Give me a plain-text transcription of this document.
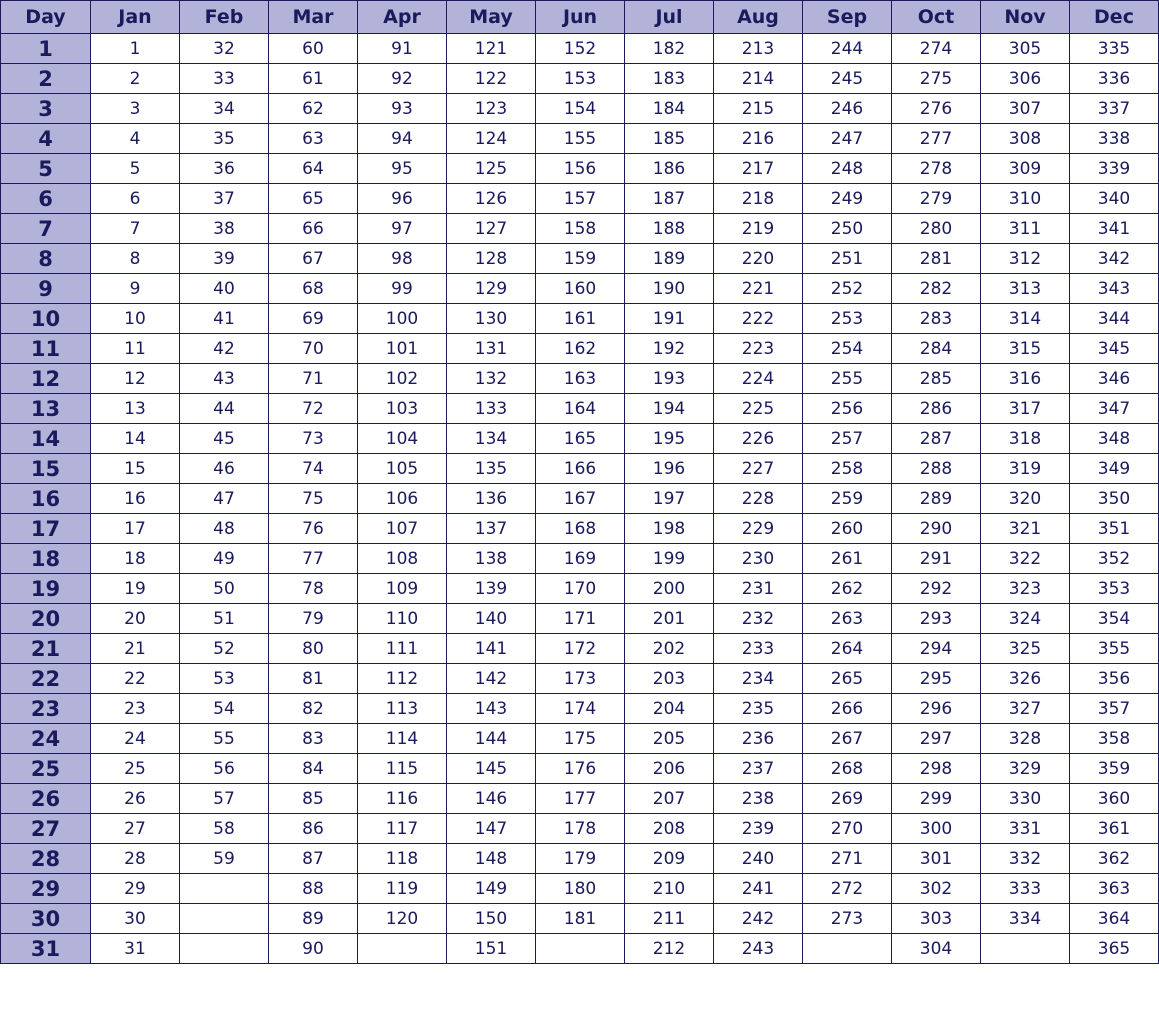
Day	Jan	Feb	Mar	Apr	May	Jun	Jul	Aug	Sep	Oct	Nov	Dec
1	1	32	60	91	121	152	182	213	244	274	305	335
2	2	33	61	92	122	153	183	214	245	275	306	336
3	3	34	62	93	123	154	184	215	246	276	307	337
4	4	35	63	94	124	155	185	216	247	277	308	338
5	5	36	64	95	125	156	186	217	248	278	309	339
6	6	37	65	96	126	157	187	218	249	279	310	340
7	7	38	66	97	127	158	188	219	250	280	311	341
8	8	39	67	98	128	159	189	220	251	281	312	342
9	9	40	68	99	129	160	190	221	252	282	313	343
10	10	41	69	100	130	161	191	222	253	283	314	344
11	11	42	70	101	131	162	192	223	254	284	315	345
12	12	43	71	102	132	163	193	224	255	285	316	346
13	13	44	72	103	133	164	194	225	256	286	317	347
14	14	45	73	104	134	165	195	226	257	287	318	348
15	15	46	74	105	135	166	196	227	258	288	319	349
16	16	47	75	106	136	167	197	228	259	289	320	350
17	17	48	76	107	137	168	198	229	260	290	321	351
18	18	49	77	108	138	169	199	230	261	291	322	352
19	19	50	78	109	139	170	200	231	262	292	323	353
20	20	51	79	110	140	171	201	232	263	293	324	354
21	21	52	80	111	141	172	202	233	264	294	325	355
22	22	53	81	112	142	173	203	234	265	295	326	356
23	23	54	82	113	143	174	204	235	266	296	327	357
24	24	55	83	114	144	175	205	236	267	297	328	358
25	25	56	84	115	145	176	206	237	268	298	329	359
26	26	57	85	116	146	177	207	238	269	299	330	360
27	27	58	86	117	147	178	208	239	270	300	331	361
28	28	59	87	118	148	179	209	240	271	301	332	362
29	29		88	119	149	180	210	241	272	302	333	363
30	30		89	120	150	181	211	242	273	303	334	364
31	31		90		151		212	243		304		365
